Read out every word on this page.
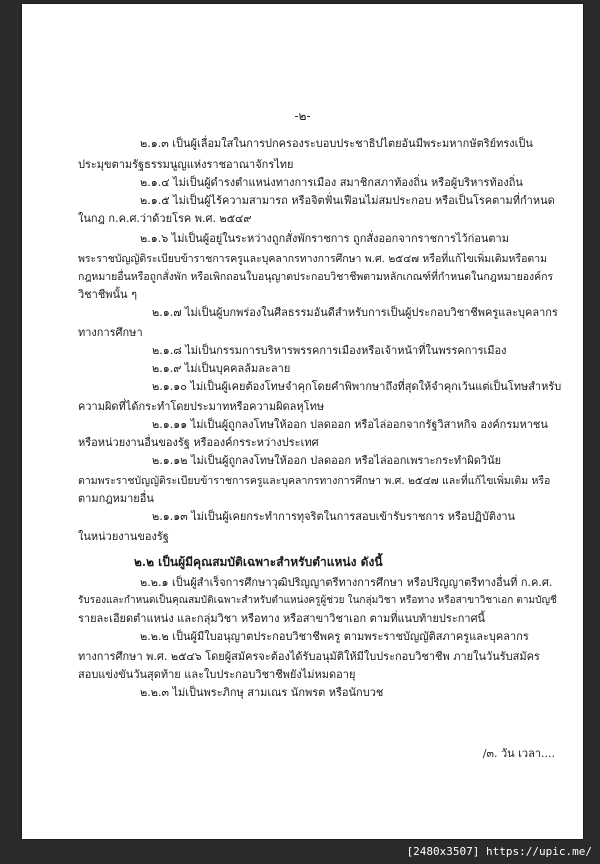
-๒-
๒.๑.๓ เป็นผู้เลื่อมใสในการปกครองระบอบประชาธิปไตยอันมีพระมหากษัตริย์ทรงเป็น
ประมุขตามรัฐธรรมนูญแห่งราชอาณาจักรไทย
๒.๑.๔ ไม่เป็นผู้ดำรงตำแหน่งทางการเมือง สมาชิกสภาท้องถิ่น หรือผู้บริหารท้องถิ่น
๒.๑.๕ ไม่เป็นผู้ไร้ความสามารถ หรือจิตฟั่นเฟือนไม่สมประกอบ หรือเป็นโรคตามที่กำหนด
ในกฎ ก.ค.ศ.ว่าด้วยโรค พ.ศ. ๒๕๔๙
๒.๑.๖ ไม่เป็นผู้อยู่ในระหว่างถูกสั่งพักราชการ ถูกสั่งออกจากราชการไว้ก่อนตาม
พระราชบัญญัติระเบียบข้าราชการครูและบุคลากรทางการศึกษา พ.ศ. ๒๕๔๗ หรือที่แก้ไขเพิ่มเติมหรือตาม
กฎหมายอื่นหรือถูกสั่งพัก หรือเพิกถอนใบอนุญาตประกอบวิชาชีพตามหลักเกณฑ์ที่กำหนดในกฎหมายองค์กร
วิชาชีพนั้น ๆ
๒.๑.๗ ไม่เป็นผู้บกพร่องในศีลธรรมอันดีสำหรับการเป็นผู้ประกอบวิชาชีพครูและบุคลากร
ทางการศึกษา
๒.๑.๘ ไม่เป็นกรรมการบริหารพรรคการเมืองหรือเจ้าหน้าที่ในพรรคการเมือง
๒.๑.๙ ไม่เป็นบุคคลล้มละลาย
๒.๑.๑๐ ไม่เป็นผู้เคยต้องโทษจำคุกโดยคำพิพากษาถึงที่สุดให้จำคุกเว้นแต่เป็นโทษสำหรับ
ความผิดที่ได้กระทำโดยประมาทหรือความผิดลหุโทษ
๒.๑.๑๑ ไม่เป็นผู้ถูกลงโทษให้ออก ปลดออก หรือไล่ออกจากรัฐวิสาหกิจ องค์กรมหาชน
หรือหน่วยงานอื่นของรัฐ หรือองค์กรระหว่างประเทศ
๒.๑.๑๒ ไม่เป็นผู้ถูกลงโทษให้ออก ปลดออก หรือไล่ออกเพราะกระทำผิดวินัย
ตามพระราชบัญญัติระเบียบข้าราชการครูและบุคลากรทางการศึกษา พ.ศ. ๒๕๔๗ และที่แก้ไขเพิ่มเติม หรือ
ตามกฎหมายอื่น
๒.๑.๑๓ ไม่เป็นผู้เคยกระทำการทุจริตในการสอบเข้ารับราชการ หรือปฏิบัติงาน
ในหน่วยงานของรัฐ
๒.๒ เป็นผู้มีคุณสมบัติเฉพาะสำหรับตำแหน่ง ดังนี้
๒.๒.๑ เป็นผู้สำเร็จการศึกษาวุฒิปริญญาตรีทางการศึกษา หรือปริญญาตรีทางอื่นที่ ก.ค.ศ.
รับรองและกำหนดเป็นคุณสมบัติเฉพาะสำหรับตำแหน่งครูผู้ช่วย ในกลุ่มวิชา หรือทาง หรือสาขาวิชาเอก ตามบัญชี
รายละเอียดตำแหน่ง และกลุ่มวิชา หรือทาง หรือสาขาวิชาเอก ตามที่แนบท้ายประกาศนี้
๒.๒.๒ เป็นผู้มีใบอนุญาตประกอบวิชาชีพครู ตามพระราชบัญญัติสภาครูและบุคลากร
ทางการศึกษา พ.ศ. ๒๕๔๖ โดยผู้สมัครจะต้องได้รับอนุมัติให้มีใบประกอบวิชาชีพ ภายในวันรับสมัคร
สอบแข่งขันวันสุดท้าย และใบประกอบวิชาชีพยังไม่หมดอายุ
๒.๒.๓ ไม่เป็นพระภิกษุ สามเณร นักพรต หรือนักบวช
/๓. วัน เวลา....
[2480x3507] https://upic.me/
